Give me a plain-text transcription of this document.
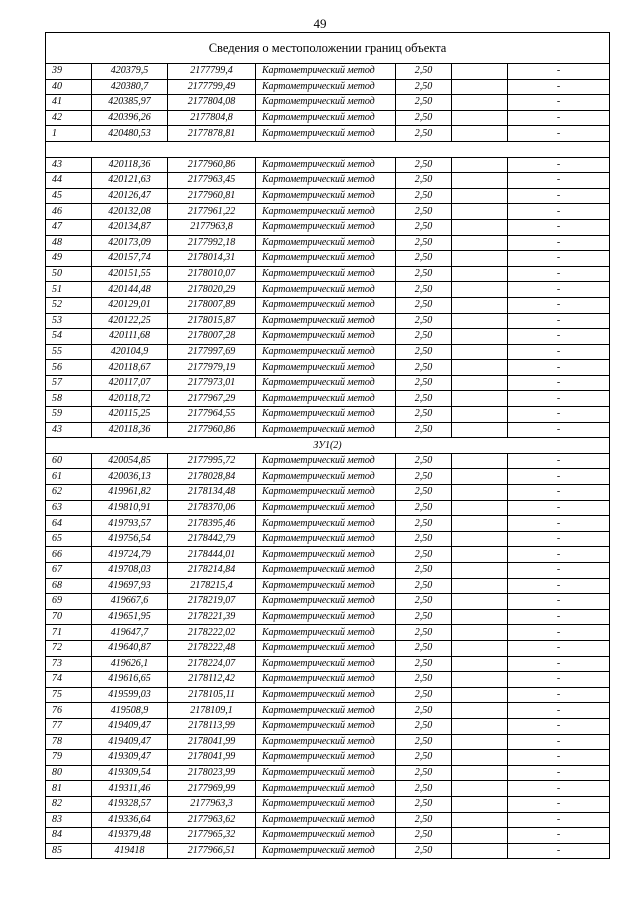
49
Сведения о местоположении границ объекта						
39	420379,5	2177799,4	Картометрический метод	2,50		-
40	420380,7	2177799,49	Картометрический метод	2,50		-
41	420385,97	2177804,08	Картометрический метод	2,50		-
42	420396,26	2177804,8	Картометрический метод	2,50		-
1	420480,53	2177878,81	Картометрический метод	2,50		-

43	420118,36	2177960,86	Картометрический метод	2,50		-
44	420121,63	2177963,45	Картометрический метод	2,50		-
45	420126,47	2177960,81	Картометрический метод	2,50		-
46	420132,08	2177961,22	Картометрический метод	2,50		-
47	420134,87	2177963,8	Картометрический метод	2,50		-
48	420173,09	2177992,18	Картометрический метод	2,50		-
49	420157,74	2178014,31	Картометрический метод	2,50		-
50	420151,55	2178010,07	Картометрический метод	2,50		-
51	420144,48	2178020,29	Картометрический метод	2,50		-
52	420129,01	2178007,89	Картометрический метод	2,50		-
53	420122,25	2178015,87	Картометрический метод	2,50		-
54	420111,68	2178007,28	Картометрический метод	2,50		-
55	420104,9	2177997,69	Картометрический метод	2,50		-
56	420118,67	2177979,19	Картометрический метод	2,50		-
57	420117,07	2177973,01	Картометрический метод	2,50		-
58	420118,72	2177967,29	Картометрический метод	2,50		-
59	420115,25	2177964,55	Картометрический метод	2,50		-
43	420118,36	2177960,86	Картометрический метод	2,50		-
ЗУ1(2)						
60	420054,85	2177995,72	Картометрический метод	2,50		-
61	420036,13	2178028,84	Картометрический метод	2,50		-
62	419961,82	2178134,48	Картометрический метод	2,50		-
63	419810,91	2178370,06	Картометрический метод	2,50		-
64	419793,57	2178395,46	Картометрический метод	2,50		-
65	419756,54	2178442,79	Картометрический метод	2,50		-
66	419724,79	2178444,01	Картометрический метод	2,50		-
67	419708,03	2178214,84	Картометрический метод	2,50		-
68	419697,93	2178215,4	Картометрический метод	2,50		-
69	419667,6	2178219,07	Картометрический метод	2,50		-
70	419651,95	2178221,39	Картометрический метод	2,50		-
71	419647,7	2178222,02	Картометрический метод	2,50		-
72	419640,87	2178222,48	Картометрический метод	2,50		-
73	419626,1	2178224,07	Картометрический метод	2,50		-
74	419616,65	2178112,42	Картометрический метод	2,50		-
75	419599,03	2178105,11	Картометрический метод	2,50		-
76	419508,9	2178109,1	Картометрический метод	2,50		-
77	419409,47	2178113,99	Картометрический метод	2,50		-
78	419409,47	2178041,99	Картометрический метод	2,50		-
79	419309,47	2178041,99	Картометрический метод	2,50		-
80	419309,54	2178023,99	Картометрический метод	2,50		-
81	419311,46	2177969,99	Картометрический метод	2,50		-
82	419328,57	2177963,3	Картометрический метод	2,50		-
83	419336,64	2177963,62	Картометрический метод	2,50		-
84	419379,48	2177965,32	Картометрический метод	2,50		-
85	419418	2177966,51	Картометрический метод	2,50		-
